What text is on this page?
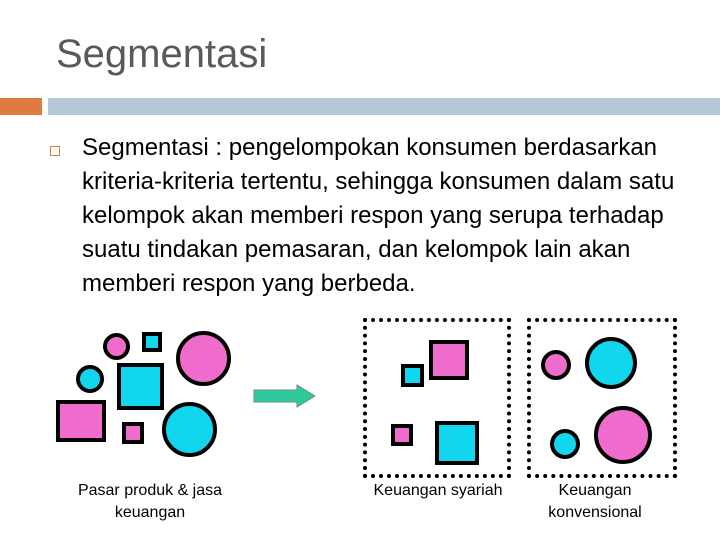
Segmentasi
Segmentasi : pengelompokan konsumen berdasarkan kriteria-kriteria tertentu, sehingga konsumen dalam satu kelompok akan memberi respon yang serupa terhadap suatu tindakan pemasaran, dan kelompok lain akan memberi respon yang berbeda.
Pasar produk & jasa
keuangan
Keuangan syariah	Keuangan
konvensional
